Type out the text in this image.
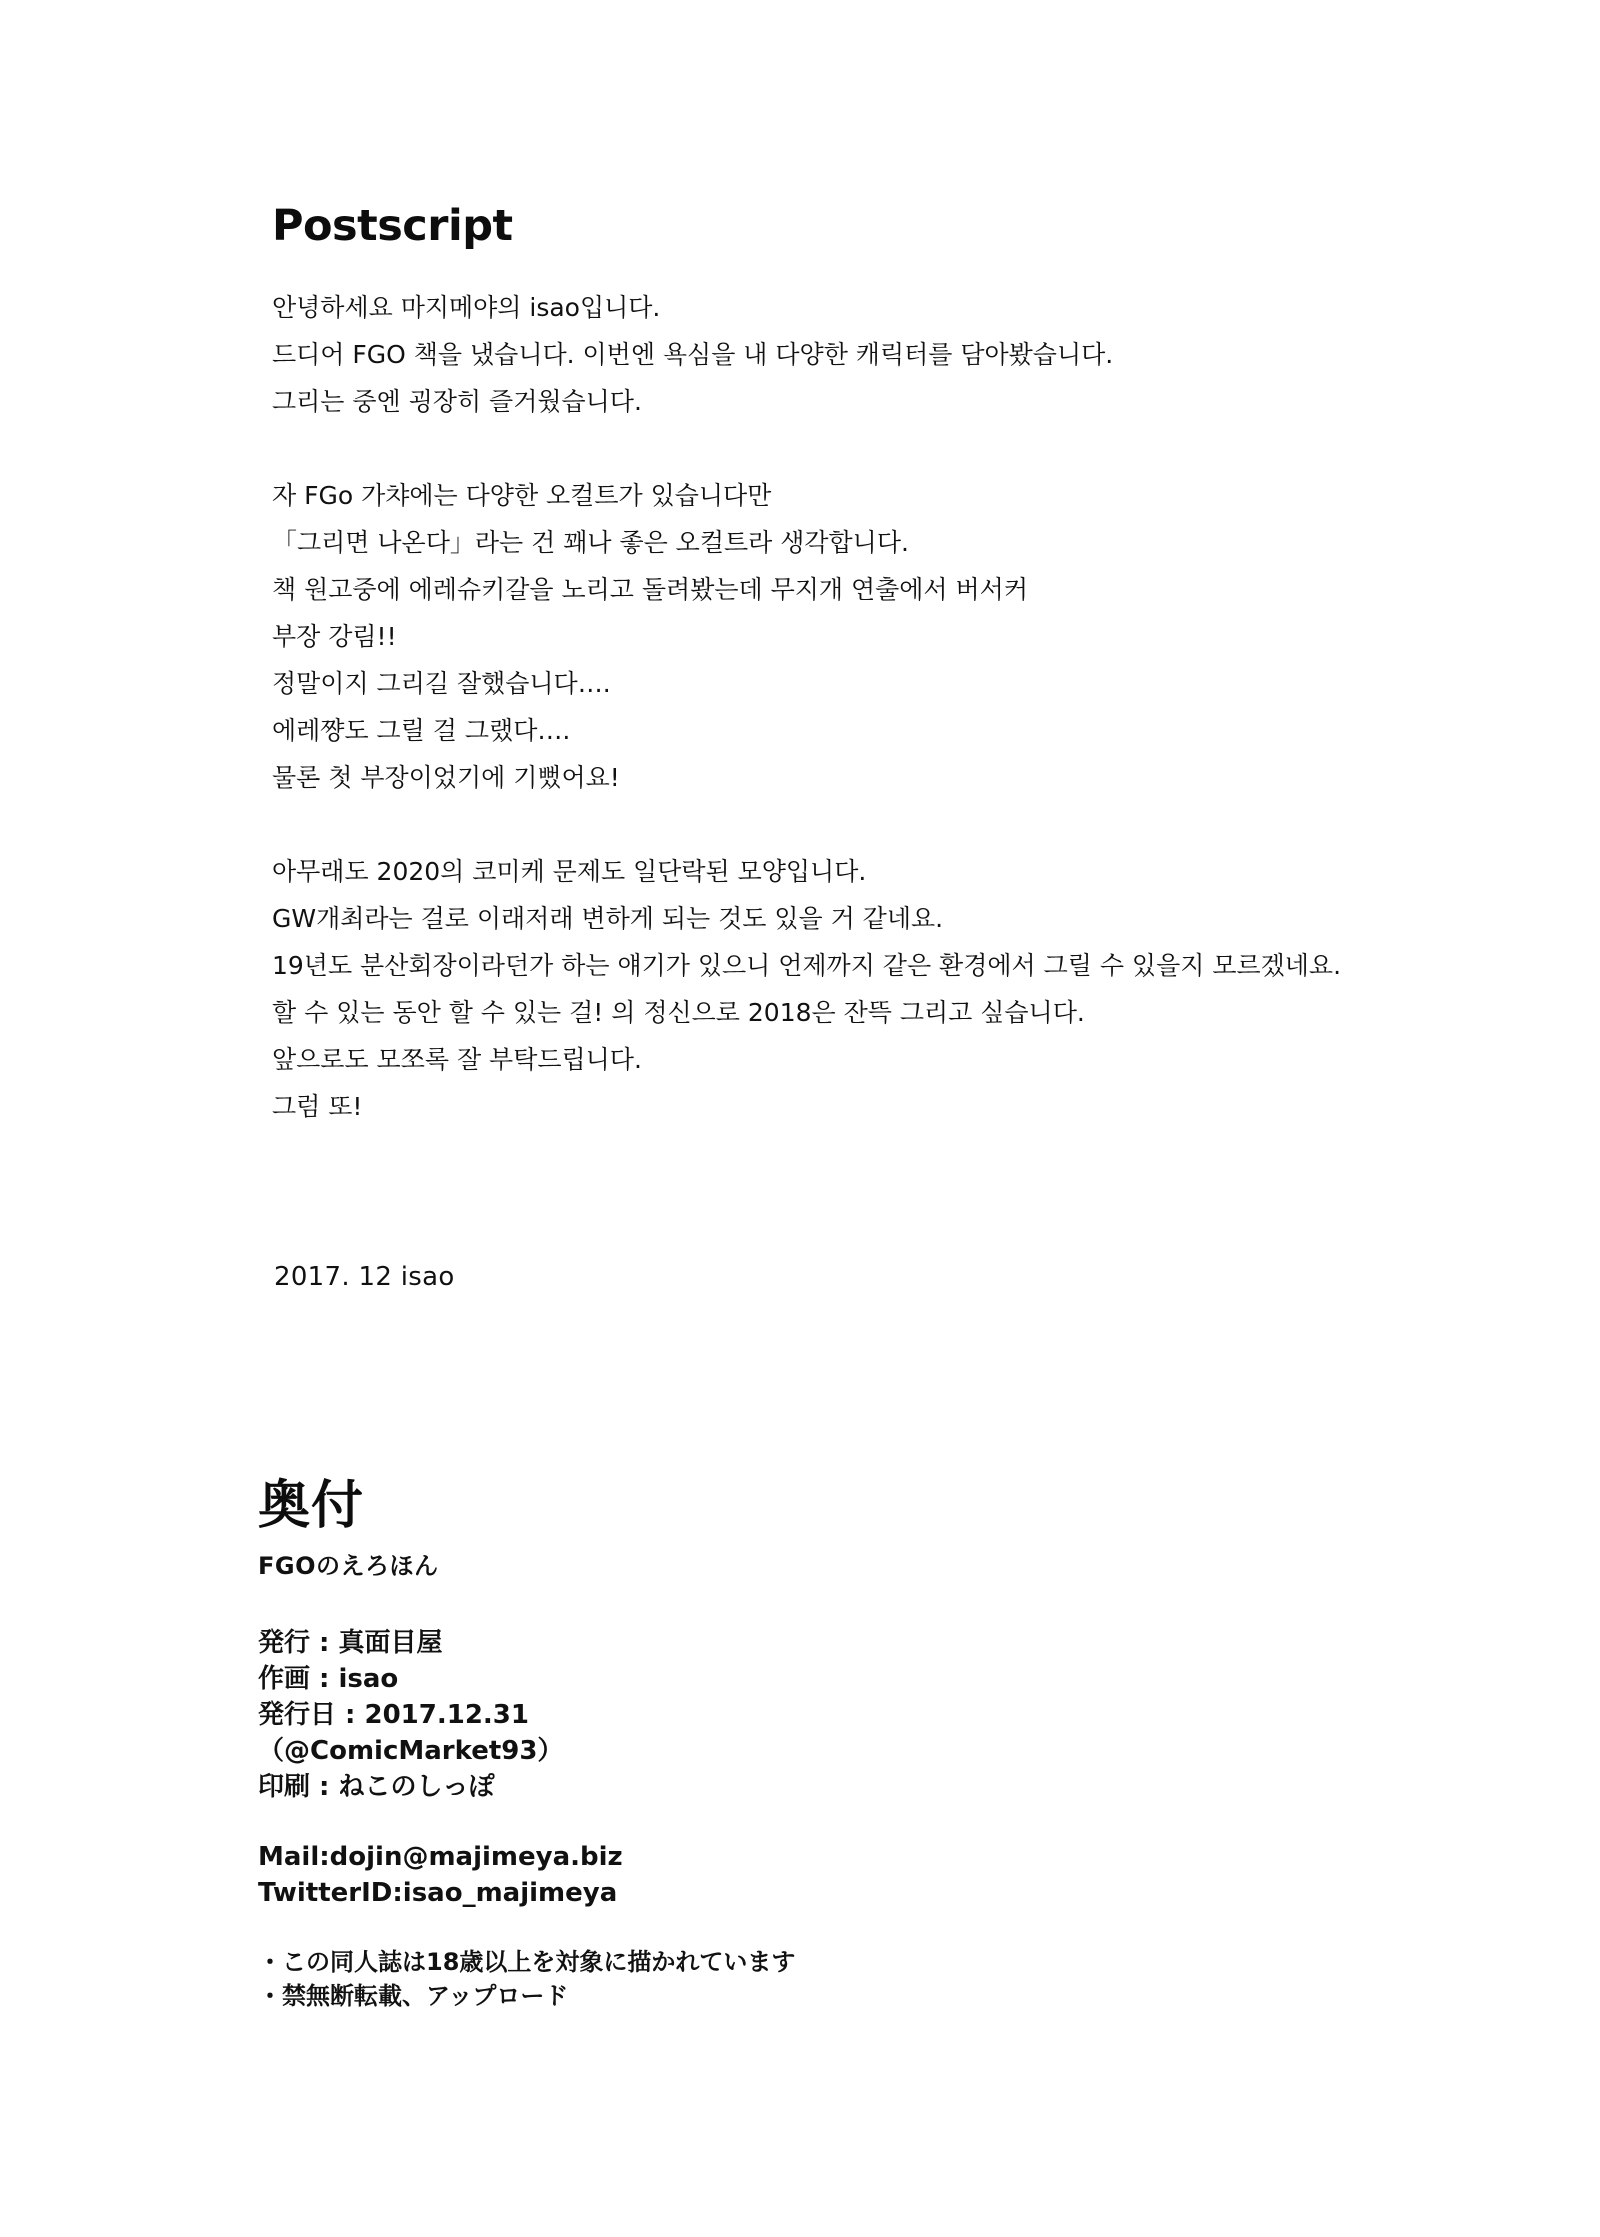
Postscript
안녕하세요 마지메야의 isao입니다.
드디어 FGO 책을 냈습니다. 이번엔 욕심을 내 다양한 캐릭터를 담아봤습니다.
그리는 중엔 굉장히 즐거웠습니다.
자 FGo 가챠에는 다양한 오컬트가 있습니다만
「그리면 나온다」라는 건 꽤나 좋은 오컬트라 생각합니다.
책 원고중에 에레슈키갈을 노리고 돌려봤는데 무지개 연출에서 버서커
부장 강림!!
정말이지 그리길 잘했습니다….
에레쨩도 그릴 걸 그랬다….
물론 첫 부장이었기에 기뻤어요!
아무래도 2020의 코미케 문제도 일단락된 모양입니다.
GW개최라는 걸로 이래저래 변하게 되는 것도 있을 거 같네요.
19년도 분산회장이라던가 하는 얘기가 있으니 언제까지 같은 환경에서 그릴 수 있을지 모르겠네요.
할 수 있는 동안 할 수 있는 걸! 의 정신으로 2018은 잔뜩 그리고 싶습니다.
앞으로도 모쪼록 잘 부탁드립니다.
그럼 또!
2017. 12 isao
奥付
FGOのえろほん
発行 : 真面目屋
作画 : isao
発行日 : 2017.12.31
（@ComicMarket93）
印刷 : ねこのしっぽ
Mail:dojin@majimeya.biz
TwitterID:isao_majimeya
・この同人誌は18歳以上を対象に描かれています
・禁無断転載、アップロード
